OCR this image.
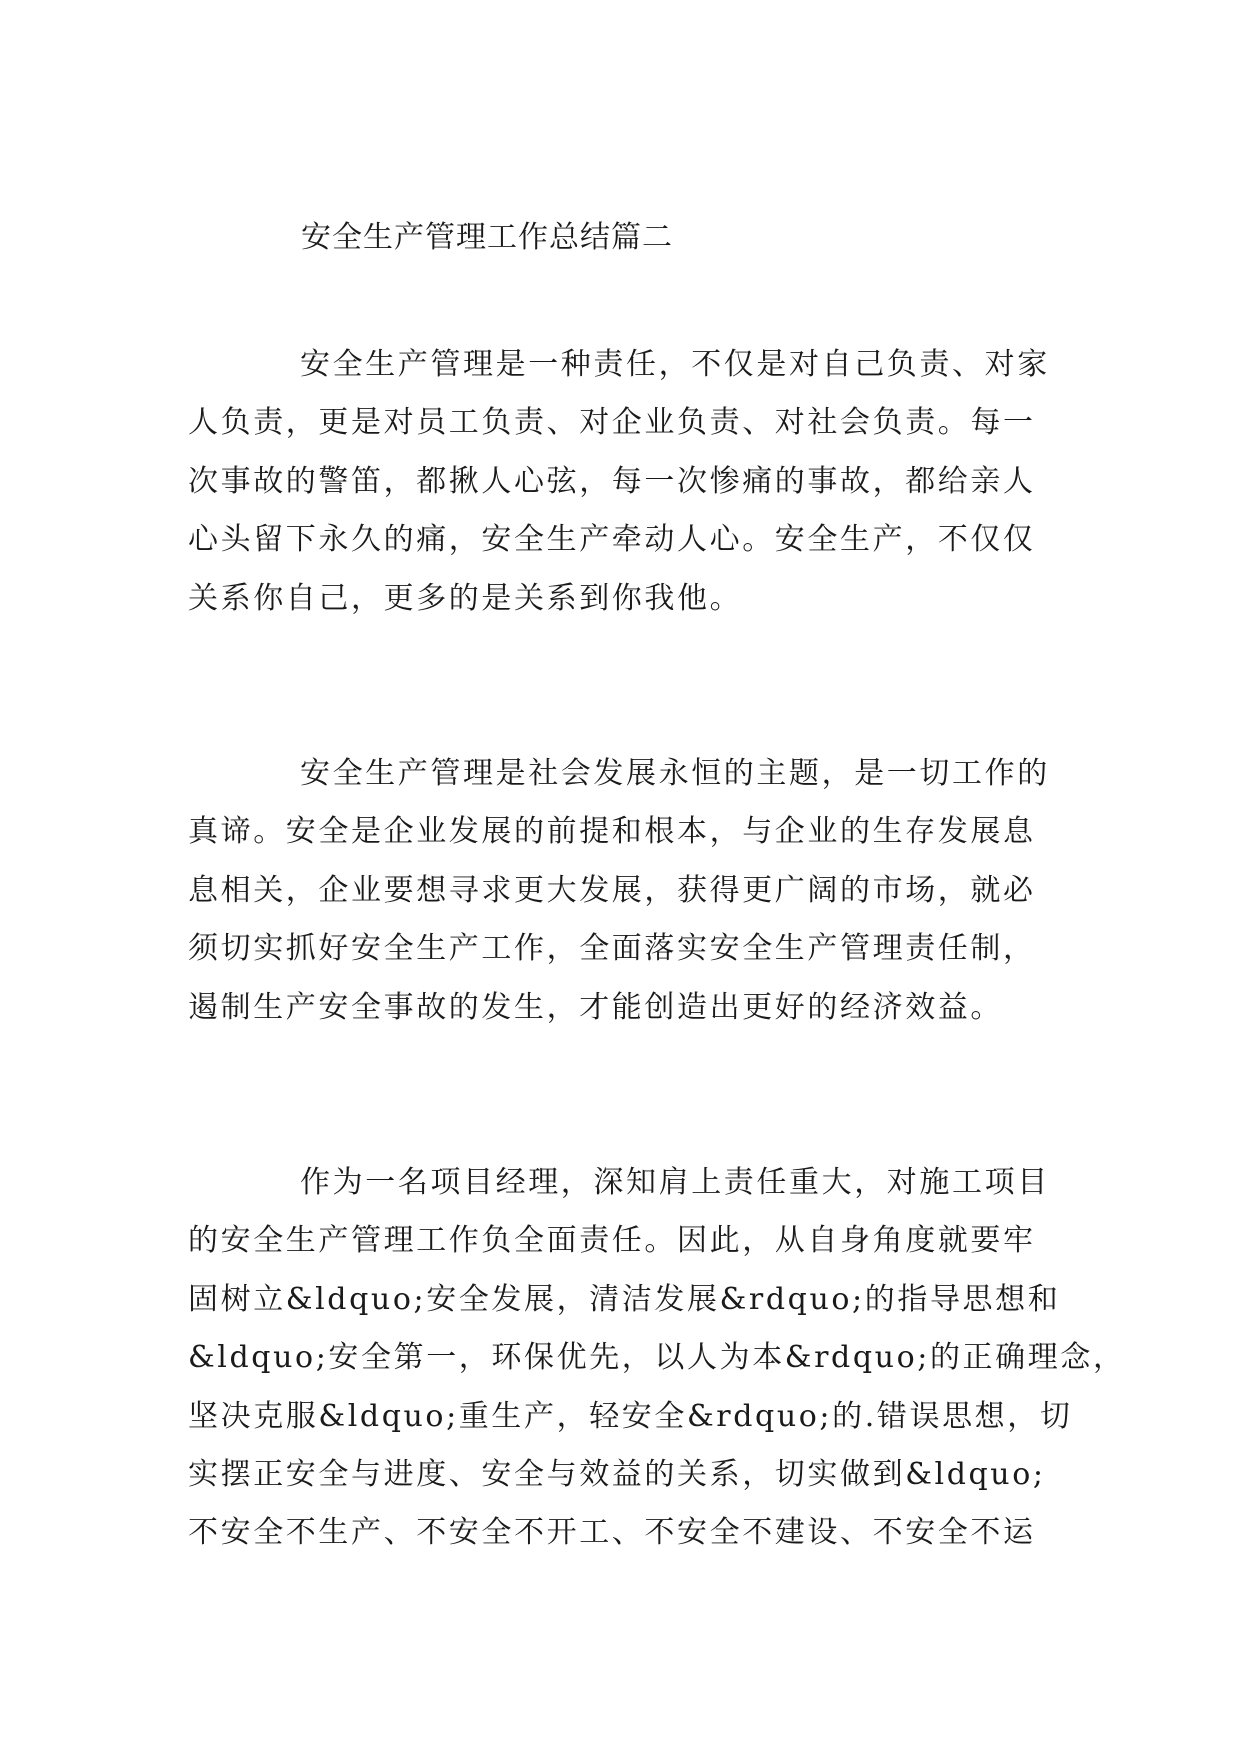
安全生产管理工作总结篇二
安全生产管理是一种责任，不仅是对自己负责、对家
人负责，更是对员工负责、对企业负责、对社会负责。每一
次事故的警笛，都揪人心弦，每一次惨痛的事故，都给亲人
心头留下永久的痛，安全生产牵动人心。安全生产，不仅仅
关系你自己，更多的是关系到你我他。
安全生产管理是社会发展永恒的主题，是一切工作的
真谛。安全是企业发展的前提和根本，与企业的生存发展息
息相关，企业要想寻求更大发展，获得更广阔的市场，就必
须切实抓好安全生产工作，全面落实安全生产管理责任制，
遏制生产安全事故的发生，才能创造出更好的经济效益。
作为一名项目经理，深知肩上责任重大，对施工项目
的安全生产管理工作负全面责任。因此，从自身角度就要牢
固树立&ldquo;安全发展，清洁发展&rdquo;的指导思想和
&ldquo;安全第一，环保优先，以人为本&rdquo;的正确理念，
坚决克服&ldquo;重生产，轻安全&rdquo;的.错误思想，切
实摆正安全与进度、安全与效益的关系，切实做到&ldquo;
不安全不生产、不安全不开工、不安全不建设、不安全不运
